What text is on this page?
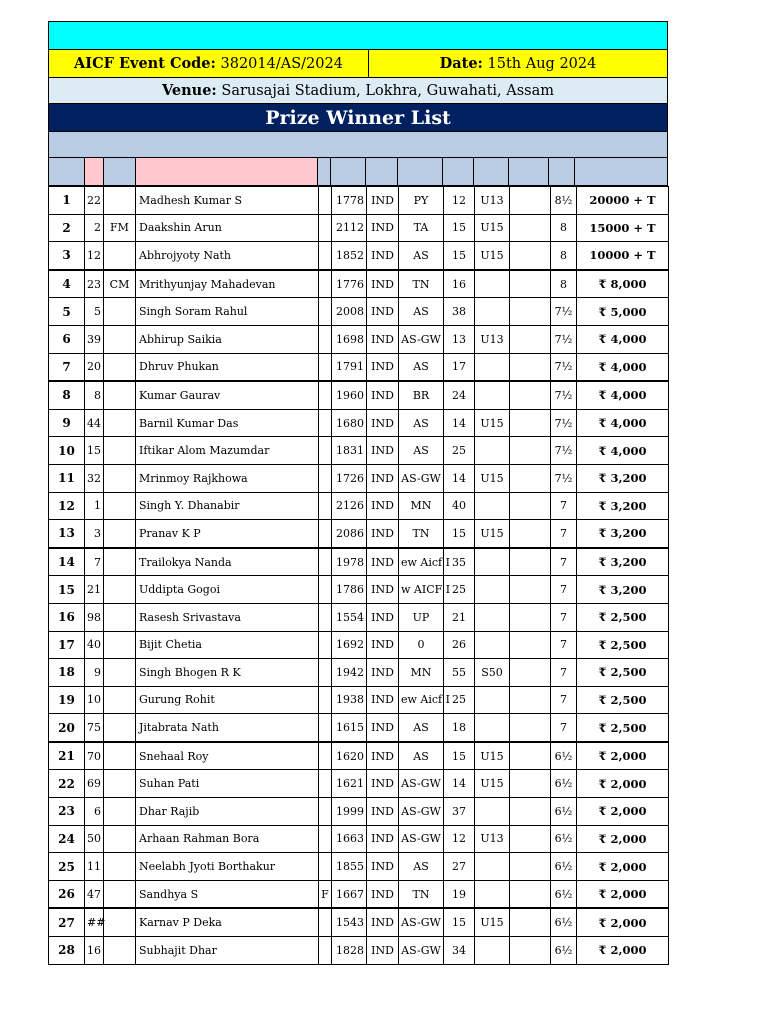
AICF Event Code:
382014/AS/2024	Date:
15th Aug 2024
Venue:
Sarusajai Stadium, Lokhra, Guwahati, Assam
Prize Winner List
1	22		Madhesh Kumar S		1778	IND	PY	12	U13		8½	20000 + T
2	2	FM	Daakshin Arun		2112	IND	TA	15	U15		8	15000 + T
3	12		Abhrojyoty Nath		1852	IND	AS	15	U15		8	10000 + T
4	23	CM	Mrithyunjay Mahadevan		1776	IND	TN	16			8	₹ 8,000
5	5		Singh Soram Rahul		2008	IND	AS	38			7½	₹ 5,000
6	39		Abhirup Saikia		1698	IND	AS-GW	13	U13		7½	₹ 4,000
7	20		Dhruv Phukan		1791	IND	AS	17			7½	₹ 4,000
8	8		Kumar Gaurav		1960	IND	BR	24			7½	₹ 4,000
9	44		Barnil Kumar Das		1680	IND	AS	14	U15		7½	₹ 4,000
10	15		Iftikar Alom Mazumdar		1831	IND	AS	25			7½	₹ 4,000
11	32		Mrinmoy Rajkhowa		1726	IND	AS-GW	14	U15		7½	₹ 3,200
12	1		Singh Y. Dhanabir		2126	IND	MN	40			7	₹ 3,200
13	3		Pranav K P		2086	IND	TN	15	U15		7	₹ 3,200
14	7		Trailokya Nanda		1978	IND	ew Aicf I	35			7	₹ 3,200
15	21		Uddipta Gogoi		1786	IND	w AICF I	25			7	₹ 3,200
16	98		Rasesh Srivastava		1554	IND	UP	21			7	₹ 2,500
17	40		Bijit Chetia		1692	IND	0	26			7	₹ 2,500
18	9		Singh Bhogen R K		1942	IND	MN	55	S50		7	₹ 2,500
19	10		Gurung Rohit		1938	IND	ew Aicf I	25			7	₹ 2,500
20	75		Jitabrata Nath		1615	IND	AS	18			7	₹ 2,500
21	70		Snehaal Roy		1620	IND	AS	15	U15		6½	₹ 2,000
22	69		Suhan Pati		1621	IND	AS-GW	14	U15		6½	₹ 2,000
23	6		Dhar Rajib		1999	IND	AS-GW	37			6½	₹ 2,000
24	50		Arhaan Rahman Bora		1663	IND	AS-GW	12	U13		6½	₹ 2,000
25	11		Neelabh Jyoti Borthakur		1855	IND	AS	27			6½	₹ 2,000
26	47		Sandhya S	F	1667	IND	TN	19			6½	₹ 2,000
27	##		Karnav P Deka		1543	IND	AS-GW	15	U15		6½	₹ 2,000
28	16		Subhajit Dhar		1828	IND	AS-GW	34			6½	₹ 2,000
